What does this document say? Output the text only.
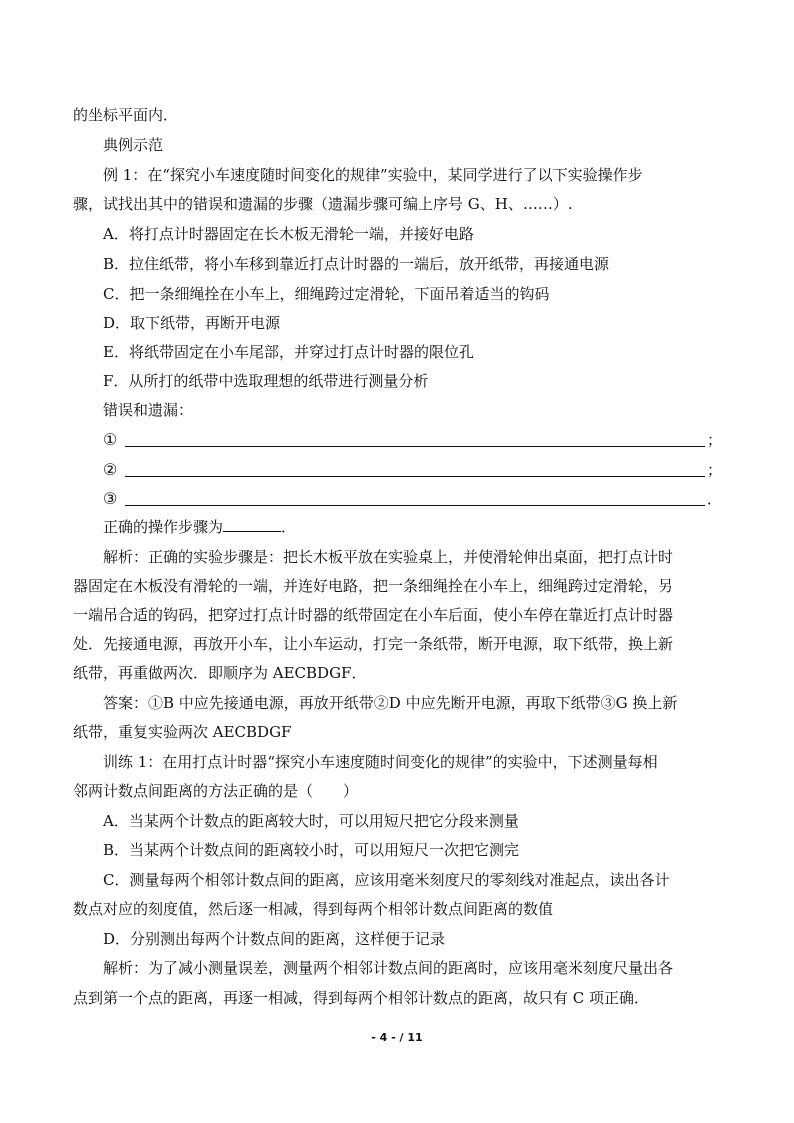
的坐标平面内．
典例示范
例 1：在“探究小车速度随时间变化的规律”实验中，某同学进行了以下实验操作步
骤，试找出其中的错误和遗漏的步骤（遗漏步骤可编上序号 G、H、……）.
A．将打点计时器固定在长木板无滑轮一端，并接好电路
B．拉住纸带，将小车移到靠近打点计时器的一端后，放开纸带，再接通电源
C．把一条细绳拴在小车上，细绳跨过定滑轮，下面吊着适当的钩码
D．取下纸带，再断开电源
E．将纸带固定在小车尾部，并穿过打点计时器的限位孔
F．从所打的纸带中选取理想的纸带进行测量分析
错误和遗漏：
①	；
②	；
③	．
正确的操作步骤为	．
解析：正确的实验步骤是：把长木板平放在实验桌上，并使滑轮伸出桌面，把打点计时
器固定在木板没有滑轮的一端，并连好电路，把一条细绳拴在小车上，细绳跨过定滑轮，另
一端吊合适的钩码，把穿过打点计时器的纸带固定在小车后面，使小车停在靠近打点计时器
处．先接通电源，再放开小车，让小车运动，打完一条纸带，断开电源，取下纸带，换上新
纸带，再重做两次．即顺序为 AECBDGF．
答案：①B 中应先接通电源，再放开纸带②D 中应先断开电源，再取下纸带③G 换上新
纸带，重复实验两次 AECBDGF
训练 1：在用打点计时器“探究小车速度随时间变化的规律”的实验中，下述测量每相
邻两计数点间距离的方法正确的是（　　）
A．当某两个计数点的距离较大时，可以用短尺把它分段来测量
B．当某两个计数点间的距离较小时，可以用短尺一次把它测完
C．测量每两个相邻计数点间的距离，应该用毫米刻度尺的零刻线对准起点，读出各计
数点对应的刻度值，然后逐一相减，得到每两个相邻计数点间距离的数值
D．分别测出每两个计数点间的距离，这样便于记录
解析：为了减小测量误差，测量两个相邻计数点间的距离时，应该用毫米刻度尺量出各
点到第一个点的距离，再逐一相减，得到每两个相邻计数点的距离，故只有 C 项正确．
- 4 - / 11
